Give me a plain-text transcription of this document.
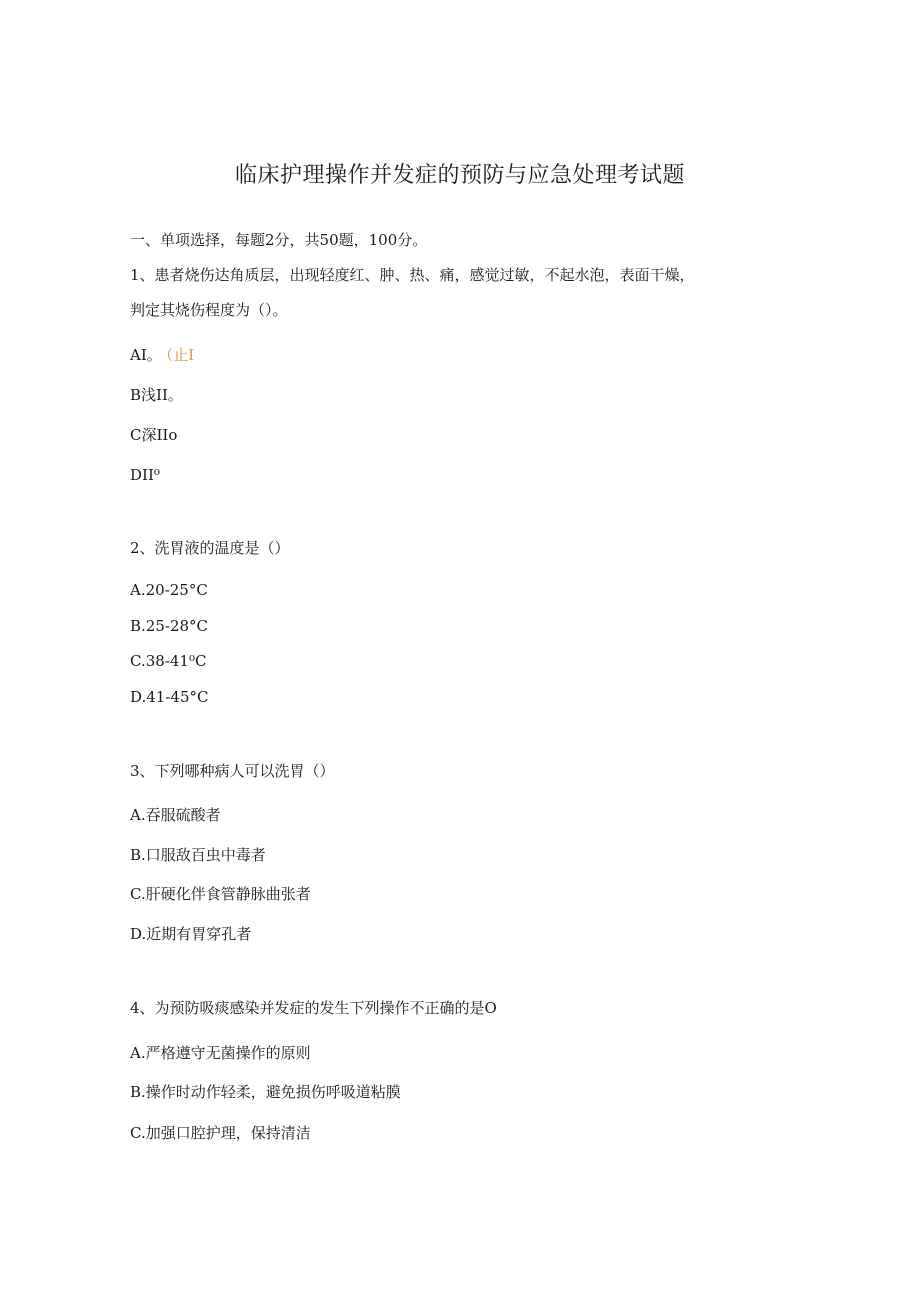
临床护理操作并发症的预防与应急处理考试题
一、单项选择，每题2分，共50题，100分。
1、患者烧伤达角质层，出现轻度红、肿、热、痛，感觉过敏，不起水泡，表面干燥，
判定其烧伤程度为（）。
AI。 （止I
B浅II。
C深IIo
DII⁰
2、洗胃液的温度是（）
A.20-25°C
B.25-28°C
C.38-41⁰C
D.41-45°C
3、下列哪种病人可以洗胃（）
A.吞服硫酸者
B.口服敌百虫中毒者
C.肝硬化伴食管静脉曲张者
D.近期有胃穿孔者
4、为预防吸痰感染并发症的发生下列操作不正确的是O
A.严格遵守无菌操作的原则
B.操作时动作轻柔，避免损伤呼吸道粘膜
C.加强口腔护理，保持清洁
